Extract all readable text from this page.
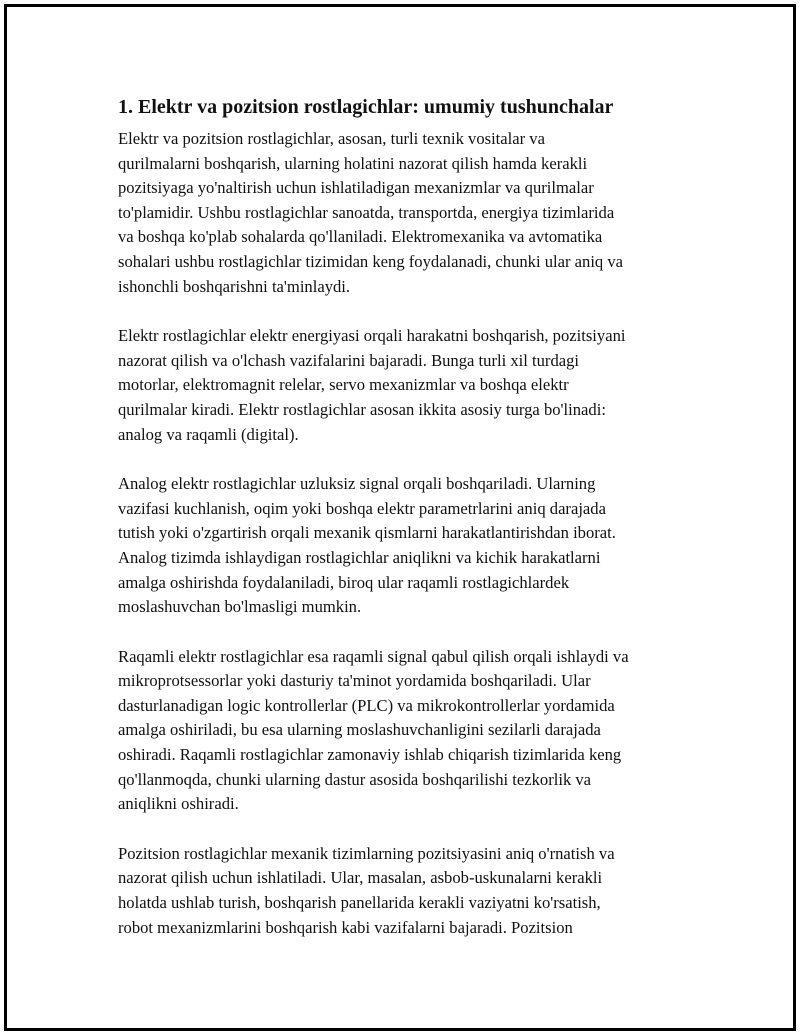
1. Elektr va pozitsion rostlagichlar: umumiy tushunchalar
Elektr va pozitsion rostlagichlar, asosan, turli texnik vositalar va
qurilmalarni boshqarish, ularning holatini nazorat qilish hamda kerakli
pozitsiyaga yo'naltirish uchun ishlatiladigan mexanizmlar va qurilmalar
to'plamidir. Ushbu rostlagichlar sanoatda, transportda, energiya tizimlarida
va boshqa ko'plab sohalarda qo'llaniladi. Elektromexanika va avtomatika
sohalari ushbu rostlagichlar tizimidan keng foydalanadi, chunki ular aniq va
ishonchli boshqarishni ta'minlaydi.
Elektr rostlagichlar elektr energiyasi orqali harakatni boshqarish, pozitsiyani
nazorat qilish va o'lchash vazifalarini bajaradi. Bunga turli xil turdagi
motorlar, elektromagnit relelar, servo mexanizmlar va boshqa elektr
qurilmalar kiradi. Elektr rostlagichlar asosan ikkita asosiy turga bo'linadi:
analog va raqamli (digital).
Analog elektr rostlagichlar uzluksiz signal orqali boshqariladi. Ularning
vazifasi kuchlanish, oqim yoki boshqa elektr parametrlarini aniq darajada
tutish yoki o'zgartirish orqali mexanik qismlarni harakatlantirishdan iborat.
Analog tizimda ishlaydigan rostlagichlar aniqlikni va kichik harakatlarni
amalga oshirishda foydalaniladi, biroq ular raqamli rostlagichlardek
moslashuvchan bo'lmasligi mumkin.
Raqamli elektr rostlagichlar esa raqamli signal qabul qilish orqali ishlaydi va
mikroprotsessorlar yoki dasturiy ta'minot yordamida boshqariladi. Ular
dasturlanadigan logic kontrollerlar (PLC) va mikrokontrollerlar yordamida
amalga oshiriladi, bu esa ularning moslashuvchanligini sezilarli darajada
oshiradi. Raqamli rostlagichlar zamonaviy ishlab chiqarish tizimlarida keng
qo'llanmoqda, chunki ularning dastur asosida boshqarilishi tezkorlik va
aniqlikni oshiradi.
Pozitsion rostlagichlar mexanik tizimlarning pozitsiyasini aniq o'rnatish va
nazorat qilish uchun ishlatiladi. Ular, masalan, asbob-uskunalarni kerakli
holatda ushlab turish, boshqarish panellarida kerakli vaziyatni ko'rsatish,
robot mexanizmlarini boshqarish kabi vazifalarni bajaradi. Pozitsion
